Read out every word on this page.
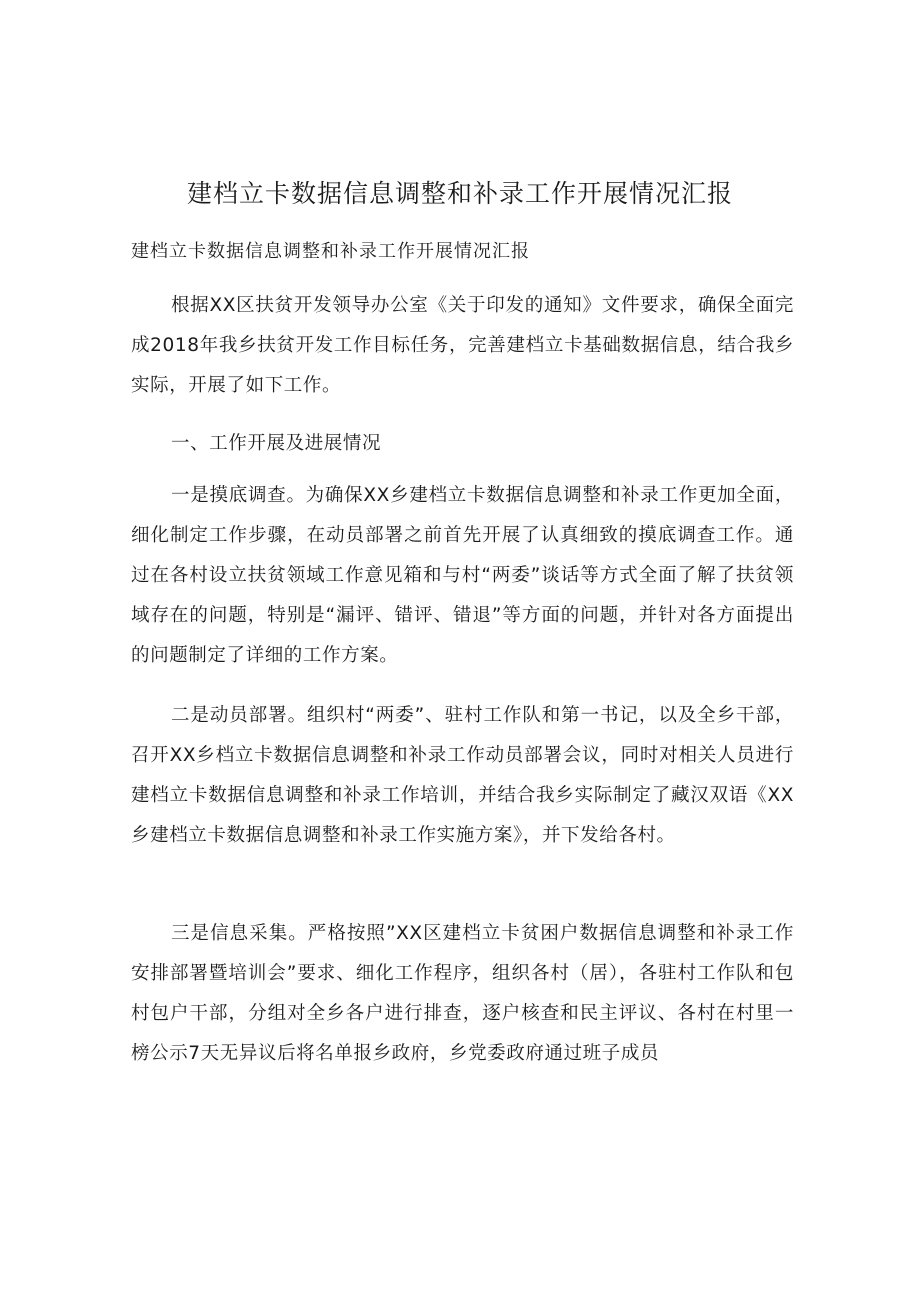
建档立卡数据信息调整和补录工作开展情况汇报

建档立卡数据信息调整和补录工作开展情况汇报

根据XX区扶贫开发领导办公室《关于印发的通知》文件要求，确保全面完成2018年我乡扶贫开发工作目标任务，完善建档立卡基础数据信息，结合我乡实际，开展了如下工作。

一、工作开展及进展情况

一是摸底调查。为确保XX乡建档立卡数据信息调整和补录工作更加全面，细化制定工作步骤，在动员部署之前首先开展了认真细致的摸底调查工作。通过在各村设立扶贫领域工作意见箱和与村“两委”谈话等方式全面了解了扶贫领域存在的问题，特别是“漏评、错评、错退”等方面的问题，并针对各方面提出的问题制定了详细的工作方案。

二是动员部署。组织村“两委”、驻村工作队和第一书记，以及全乡干部，召开XX乡档立卡数据信息调整和补录工作动员部署会议，同时对相关人员进行建档立卡数据信息调整和补录工作培训，并结合我乡实际制定了藏汉双语《XX乡建档立卡数据信息调整和补录工作实施方案》，并下发给各村。

三是信息采集。严格按照”XX区建档立卡贫困户数据信息调整和补录工作安排部署暨培训会”要求、细化工作程序，组织各村（居），各驻村工作队和包村包户干部，分组对全乡各户进行排查，逐户核查和民主评议、各村在村里一榜公示7天无异议后将名单报乡政府，乡党委政府通过班子成员
